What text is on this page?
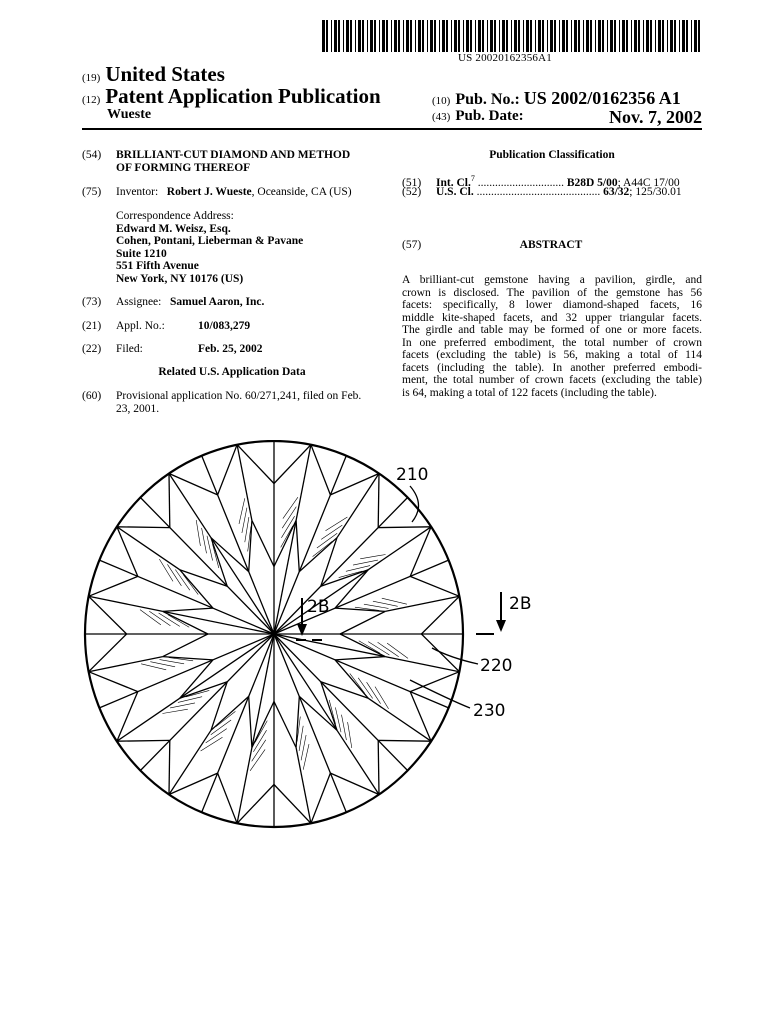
US 20020162356A1
(19) United States
(12) Patent Application Publication
Wueste
(10) Pub. No.: US 2002/0162356 A1
(43) Pub. Date:	Nov. 7, 2002
(54) BRILLIANT-CUT DIAMOND AND METHOD
OF FORMING THEREOF
(75) Inventor: Robert J. Wueste, Oceanside, CA (US)
Correspondence Address:
Edward M. Weisz, Esq.
Cohen, Pontani, Lieberman & Pavane
Suite 1210
551 Fifth Avenue
New York, NY 10176 (US)
(73) Assignee: Samuel Aaron, Inc.
(21) Appl. No.:	10/083,279
(22) Filed:	Feb. 25, 2002
Related U.S. Application Data
(60) Provisional application No. 60/271,241, filed on Feb.
23, 2001.
Publication Classification
(51) Int. Cl.$^7$ .............................. B28D 5/00; A44C 17/00
(52) U.S. Cl. ........................................... 63/32; 125/30.01
(57)	ABSTRACT
A brilliant-cut gemstone having a pavilion, girdle, and
crown is disclosed. The pavilion of the gemstone has 56
facets: specifically, 8 lower diamond-shaped facets, 16
middle kite-shaped facets, and 32 upper triangular facets.
The girdle and table may be formed of one or more facets.
In one preferred embodiment, the total number of crown
facets (excluding the table) is 56, making a total of 114
facets (including the table). In another preferred embodi-
ment, the total number of crown facets (excluding the table)
is 64, making a total of 122 facets (including the table).
2B	2B
210
220
230
